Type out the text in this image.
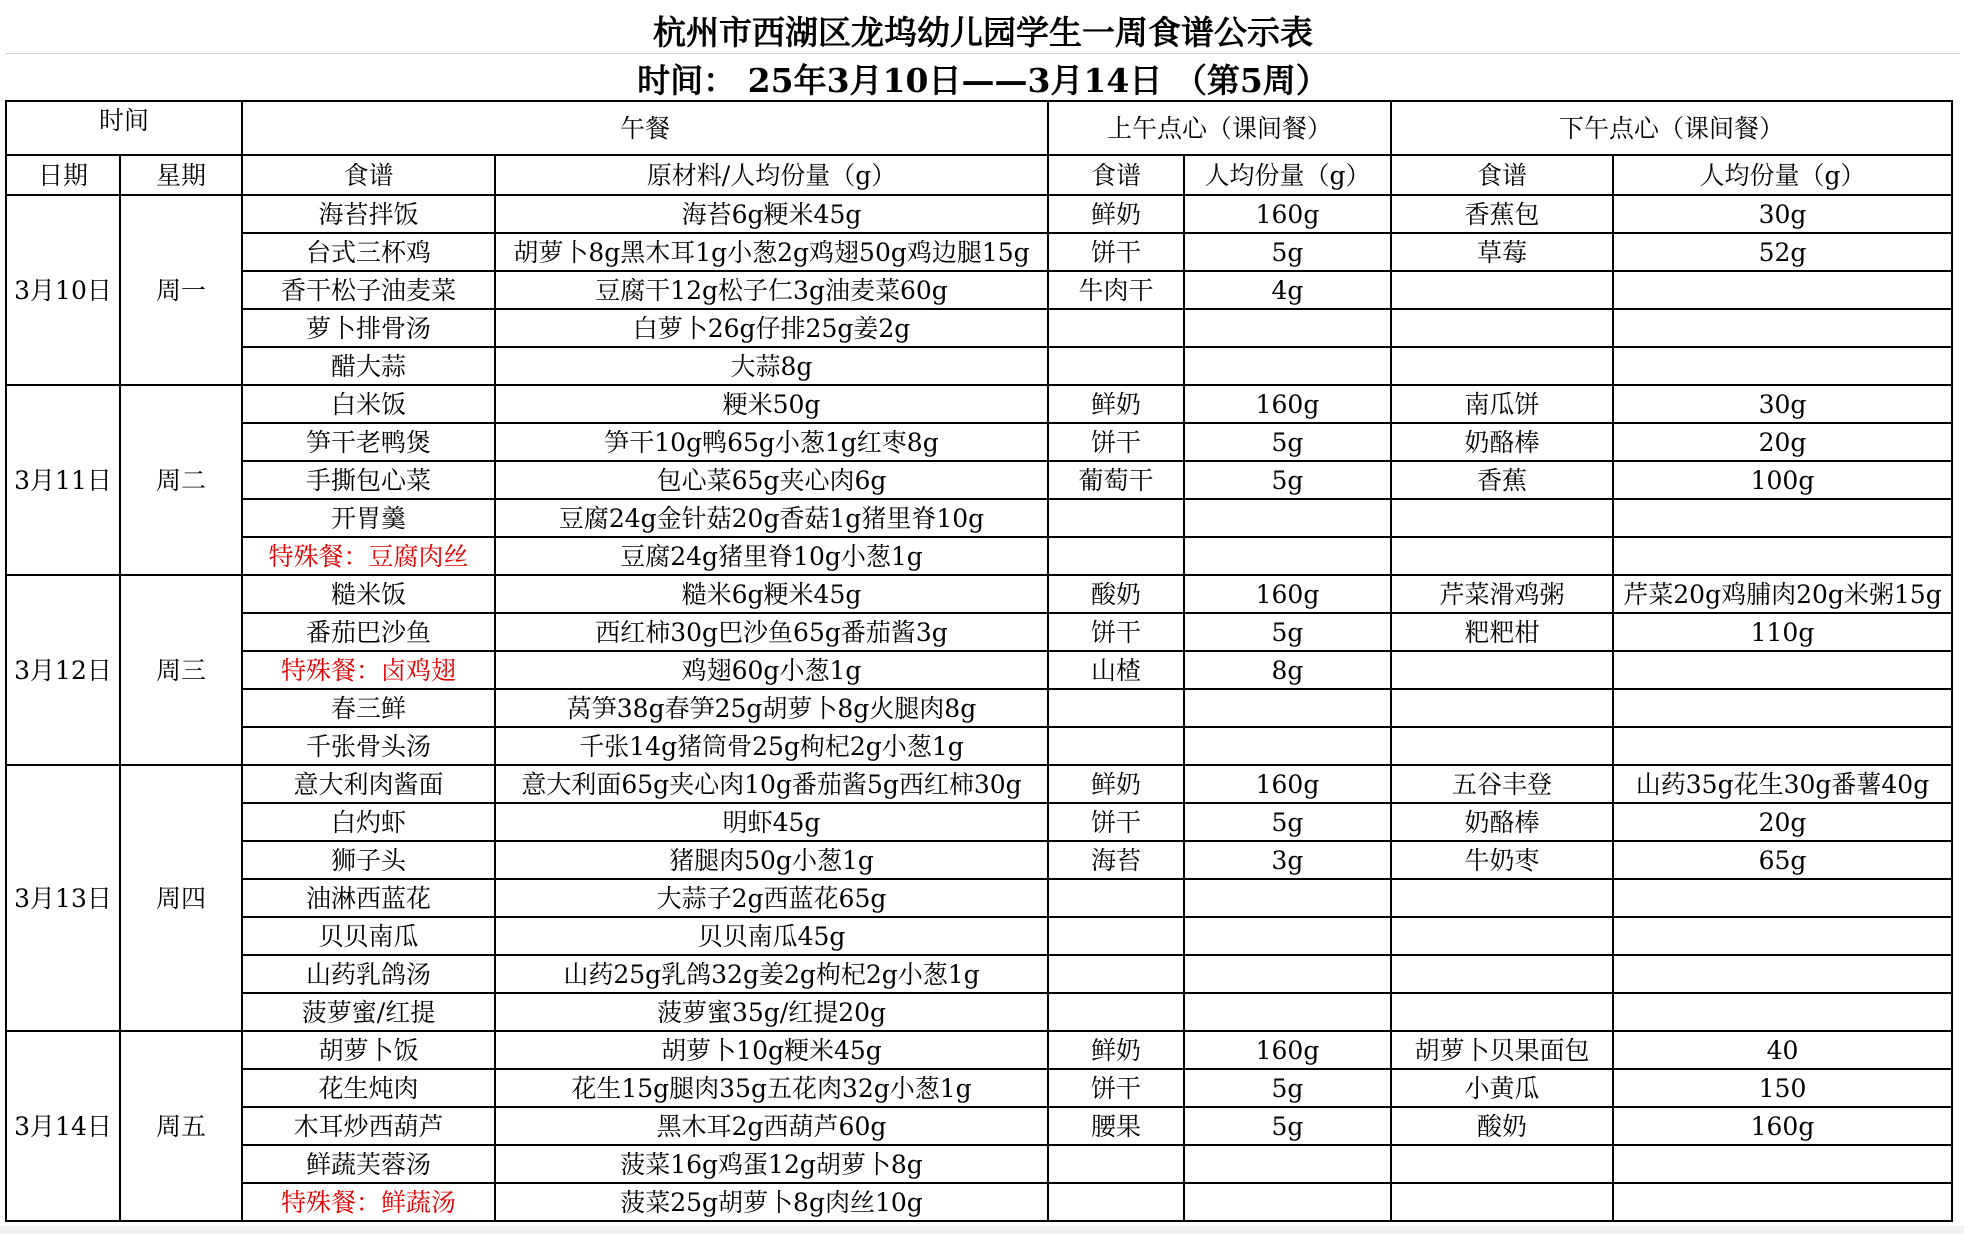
杭州市西湖区龙坞幼儿园学生一周食谱公示表
时间： 25年3月10日——3月14日 （第5周）
时间		午餐		上午点心（课间餐）		下午点心（课间餐）	
日期	星期	食谱	原材料/人均份量（g）	食谱	人均份量（g）	食谱	人均份量（g）
3月10日	周一	海苔拌饭	海苔6g粳米45g	鲜奶	160g	香蕉包	30g
		台式三杯鸡	胡萝卜8g黑木耳1g小葱2g鸡翅50g鸡边腿15g	饼干	5g	草莓	52g
		香干松子油麦菜	豆腐干12g松子仁3g油麦菜60g	牛肉干	4g		
		萝卜排骨汤	白萝卜26g仔排25g姜2g				
		醋大蒜	大蒜8g				
3月11日	周二	白米饭	粳米50g	鲜奶	160g	南瓜饼	30g
		笋干老鸭煲	笋干10g鸭65g小葱1g红枣8g	饼干	5g	奶酪棒	20g
		手撕包心菜	包心菜65g夹心肉6g	葡萄干	5g	香蕉	100g
		开胃羹	豆腐24g金针菇20g香菇1g猪里脊10g				
		特殊餐：豆腐肉丝	豆腐24g猪里脊10g小葱1g				
3月12日	周三	糙米饭	糙米6g粳米45g	酸奶	160g	芹菜滑鸡粥	芹菜20g鸡脯肉20g米粥15g
		番茄巴沙鱼	西红柿30g巴沙鱼65g番茄酱3g	饼干	5g	粑粑柑	110g
		特殊餐：卤鸡翅	鸡翅60g小葱1g	山楂	8g		
		春三鲜	莴笋38g春笋25g胡萝卜8g火腿肉8g				
		千张骨头汤	千张14g猪筒骨25g枸杞2g小葱1g				
3月13日	周四	意大利肉酱面	意大利面65g夹心肉10g番茄酱5g西红柿30g	鲜奶	160g	五谷丰登	山药35g花生30g番薯40g
		白灼虾	明虾45g	饼干	5g	奶酪棒	20g
		狮子头	猪腿肉50g小葱1g	海苔	3g	牛奶枣	65g
		油淋西蓝花	大蒜子2g西蓝花65g				
		贝贝南瓜	贝贝南瓜45g				
		山药乳鸽汤	山药25g乳鸽32g姜2g枸杞2g小葱1g				
		菠萝蜜/红提	菠萝蜜35g/红提20g				
3月14日	周五	胡萝卜饭	胡萝卜10g粳米45g	鲜奶	160g	胡萝卜贝果面包	40
		花生炖肉	花生15g腿肉35g五花肉32g小葱1g	饼干	5g	小黄瓜	150
		木耳炒西葫芦	黑木耳2g西葫芦60g	腰果	5g	酸奶	160g
		鲜蔬芙蓉汤	菠菜16g鸡蛋12g胡萝卜8g				
		特殊餐：鲜蔬汤	菠菜25g胡萝卜8g肉丝10g				
